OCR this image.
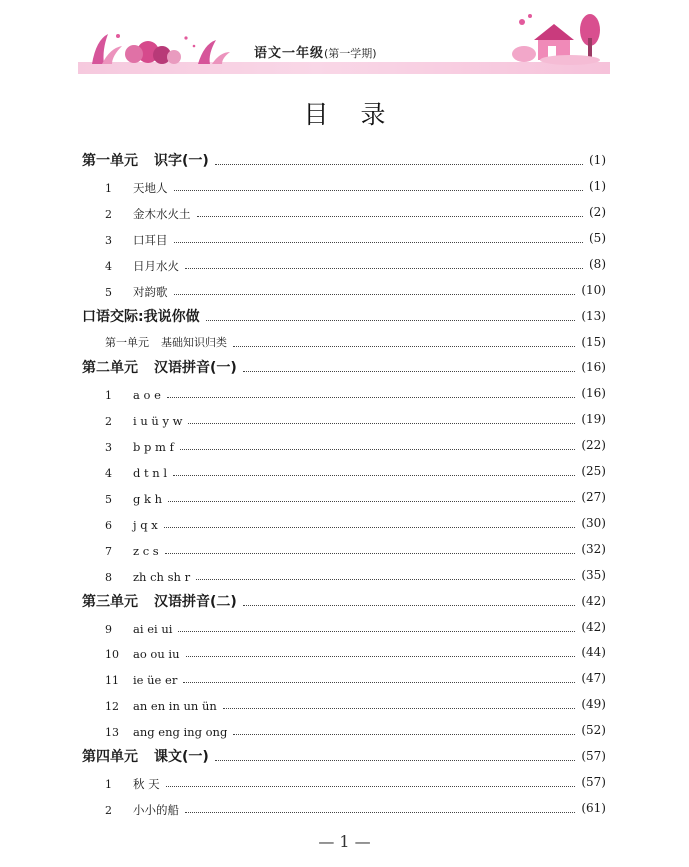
语文一年级(第一学期)
目录
第一单元 识字(一)	(1)
1 天地人	(1)
2 金木水火土	(2)
3 口耳目	(5)
4 日月水火	(8)
5 对韵歌	(10)
口语交际:我说你做	(13)
第一单元 基础知识归类	(15)
第二单元 汉语拼音(一)	(16)
1 a o e	(16)
2 i u ü y w	(19)
3 b p m f	(22)
4 d t n l	(25)
5 g k h	(27)
6 j q x	(30)
7 z c s	(32)
8 zh ch sh r	(35)
第三单元 汉语拼音(二)	(42)
9 ai ei ui	(42)
10 ao ou iu	(44)
11 ie üe er	(47)
12 an en in un ün	(49)
13 ang eng ing ong	(52)
第四单元 课文(一)	(57)
1 秋 天	(57)
2 小小的船	(61)
— 1 —
